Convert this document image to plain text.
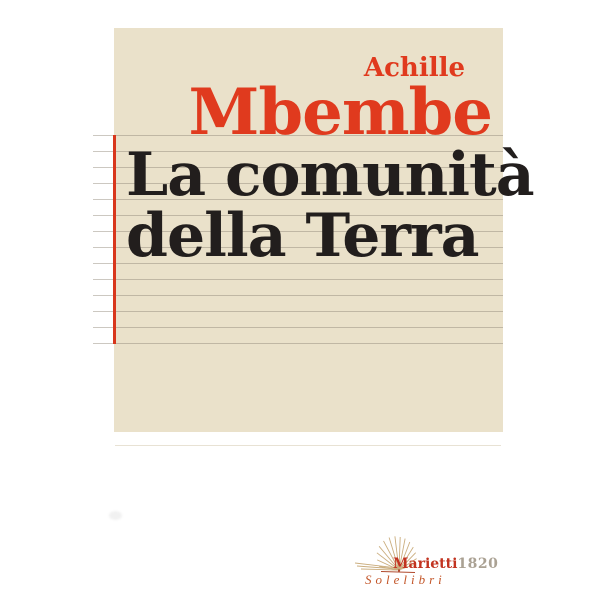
Achille
Mbembe
La comunità
della Terra
Marietti1820
Solelibri
